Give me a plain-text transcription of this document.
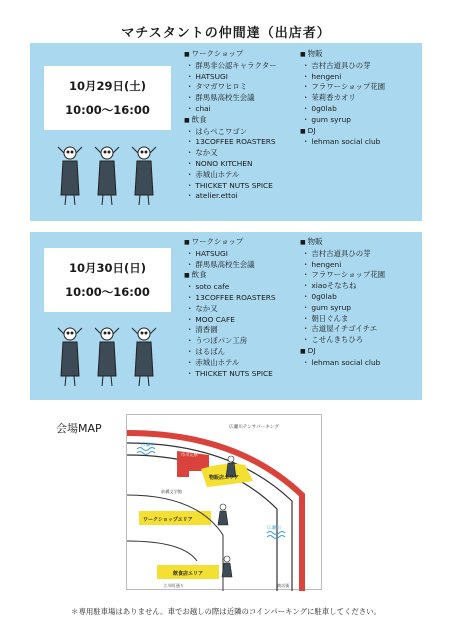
マチスタントの仲間達（出店者）
10月29日(土)
10:00〜16:00
■ ワークショップ
・ 群馬非公認キャラクター
・ HATSUGI
・ タマガワヒロミ
・ 群馬県高校生会議
・ chai
■ 飲食
・ はらぺこワゴン
・ 13COFFEE ROASTERS
・ なか又
・ NONO KITCHEN
・ 赤城山ホテル
・ THICKET NUTS SPICE
・ atelier.ettoi
■ 物販
・ 吉村古道具ひの芽
・ hengeni
・ フラワーショップ花園
・ 茉莉香カオリ
・ 0g0lab
・ gum syrup
■ DJ
・ lehman social club
10月30日(日)
10:00〜16:00
■ ワークショップ
・ HATSUGI
・ 群馬県高校生会議
■ 飲食
・ soto cafe
・ 13COFFEE ROASTERS
・ なか又
・ MOO CAFE
・ 清香園
・ うつぼパン工房
・ はるばん
・ 赤城山ホテル
・ THICKET NUTS SPICE
■ 物販
・ 吉村古道具ひの芽
・ hengeni
・ フラワーショップ花園
・ xiaoそなちね
・ 0g0lab
・ gum syrup
・ 朝日ぐんま
・ 古道屋イチゴイチエ
・ こせんきちひろ
■ DJ
・ lehman social club
会場MAP	広瀬川テンサパーキング
広瀬川
市川元県
前橋文学館
物販店エリア
ワークショップエリア
飲食店エリア
広瀬川
立川町通り	商店街
＊専用駐車場はありません。車でお越しの際は近隣のコインパーキングに駐車してください。
